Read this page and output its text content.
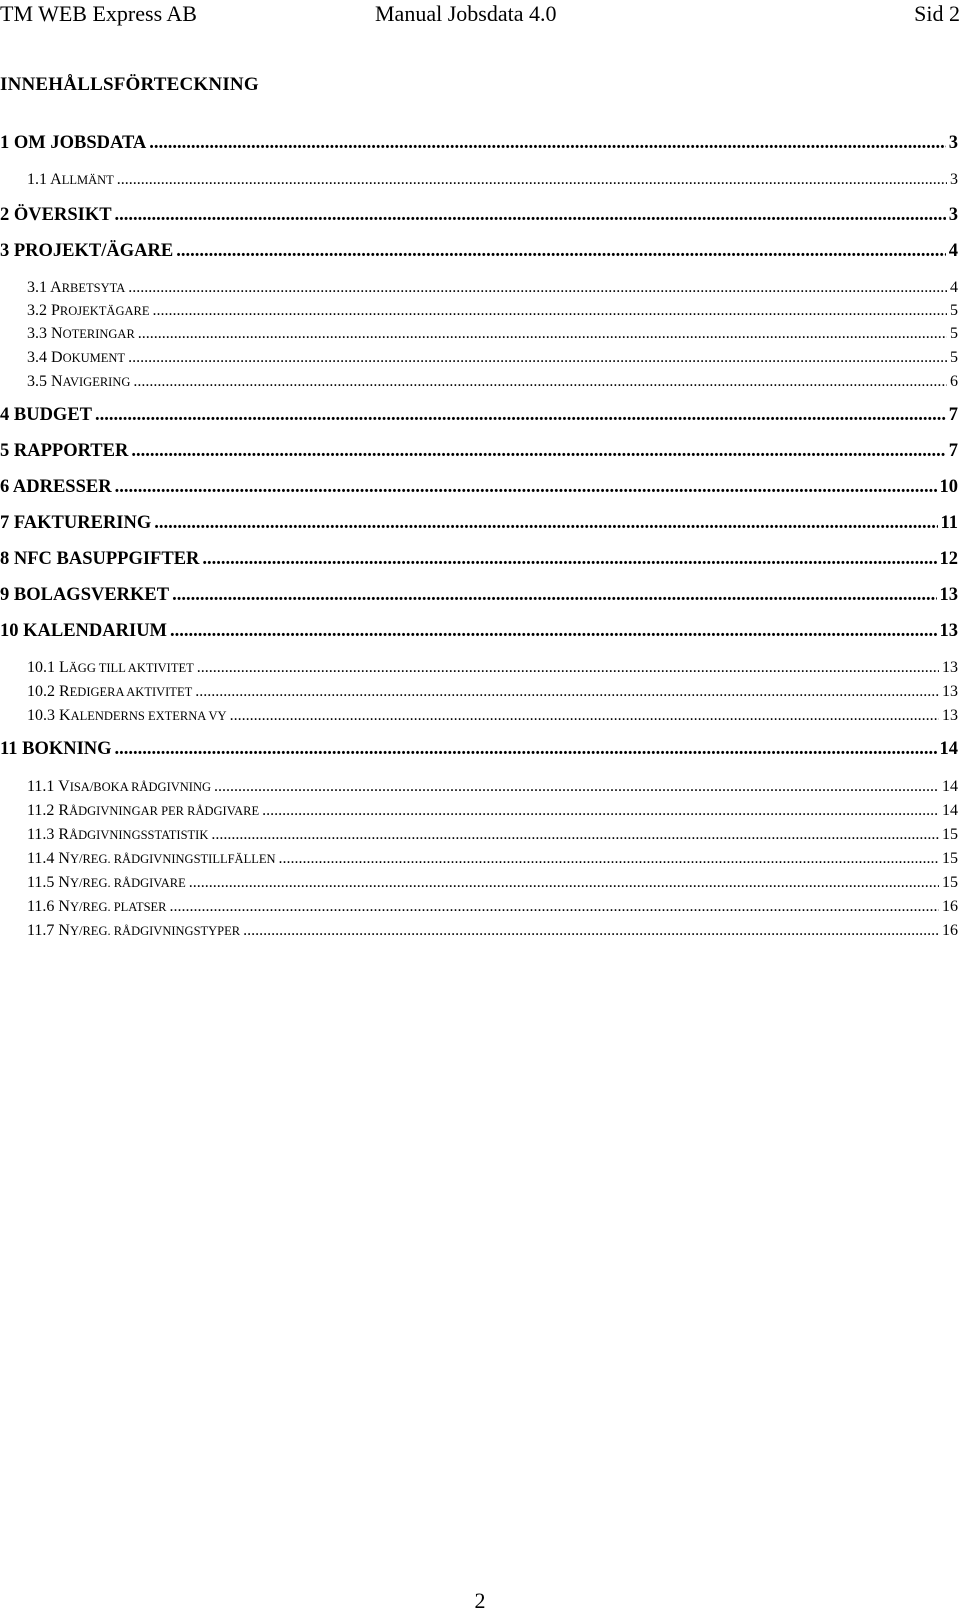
TM WEB Express AB	Manual Jobsdata 4.0	Sid 2
INNEHÅLLSFÖRTECKNING
1 OM JOBSDATA .....	3
1.1 ALLMÄNT .....	3
2 ÖVERSIKT .....	3
3 PROJEKT/ÄGARE .....	4
3.1 ARBETSYTA .....	4
3.2 PROJEKTÄGARE .....	5
3.3 NOTERINGAR .....	5
3.4 DOKUMENT .....	5
3.5 NAVIGERING .....	6
4 BUDGET .....	7
5 RAPPORTER .....	7
6 ADRESSER .....	10
7 FAKTURERING .....	11
8 NFC BASUPPGIFTER .....	12
9 BOLAGSVERKET .....	13
10 KALENDARIUM .....	13
10.1 LÄGG TILL AKTIVITET .....	13
10.2 REDIGERA AKTIVITET .....	13
10.3 KALENDERNS EXTERNA VY .....	13
11 BOKNING .....	14
11.1 VISA/BOKA RÅDGIVNING .....	14
11.2 RÅDGIVNINGAR PER RÅDGIVARE .....	14
11.3 RÅDGIVNINGSSTATISTIK .....	15
11.4 NY/REG. RÅDGIVNINGSTILLFÄLLEN .....	15
11.5 NY/REG. RÅDGIVARE .....	15
11.6 NY/REG. PLATSER .....	16
11.7 NY/REG. RÅDGIVNINGSTYPER .....	16
2
